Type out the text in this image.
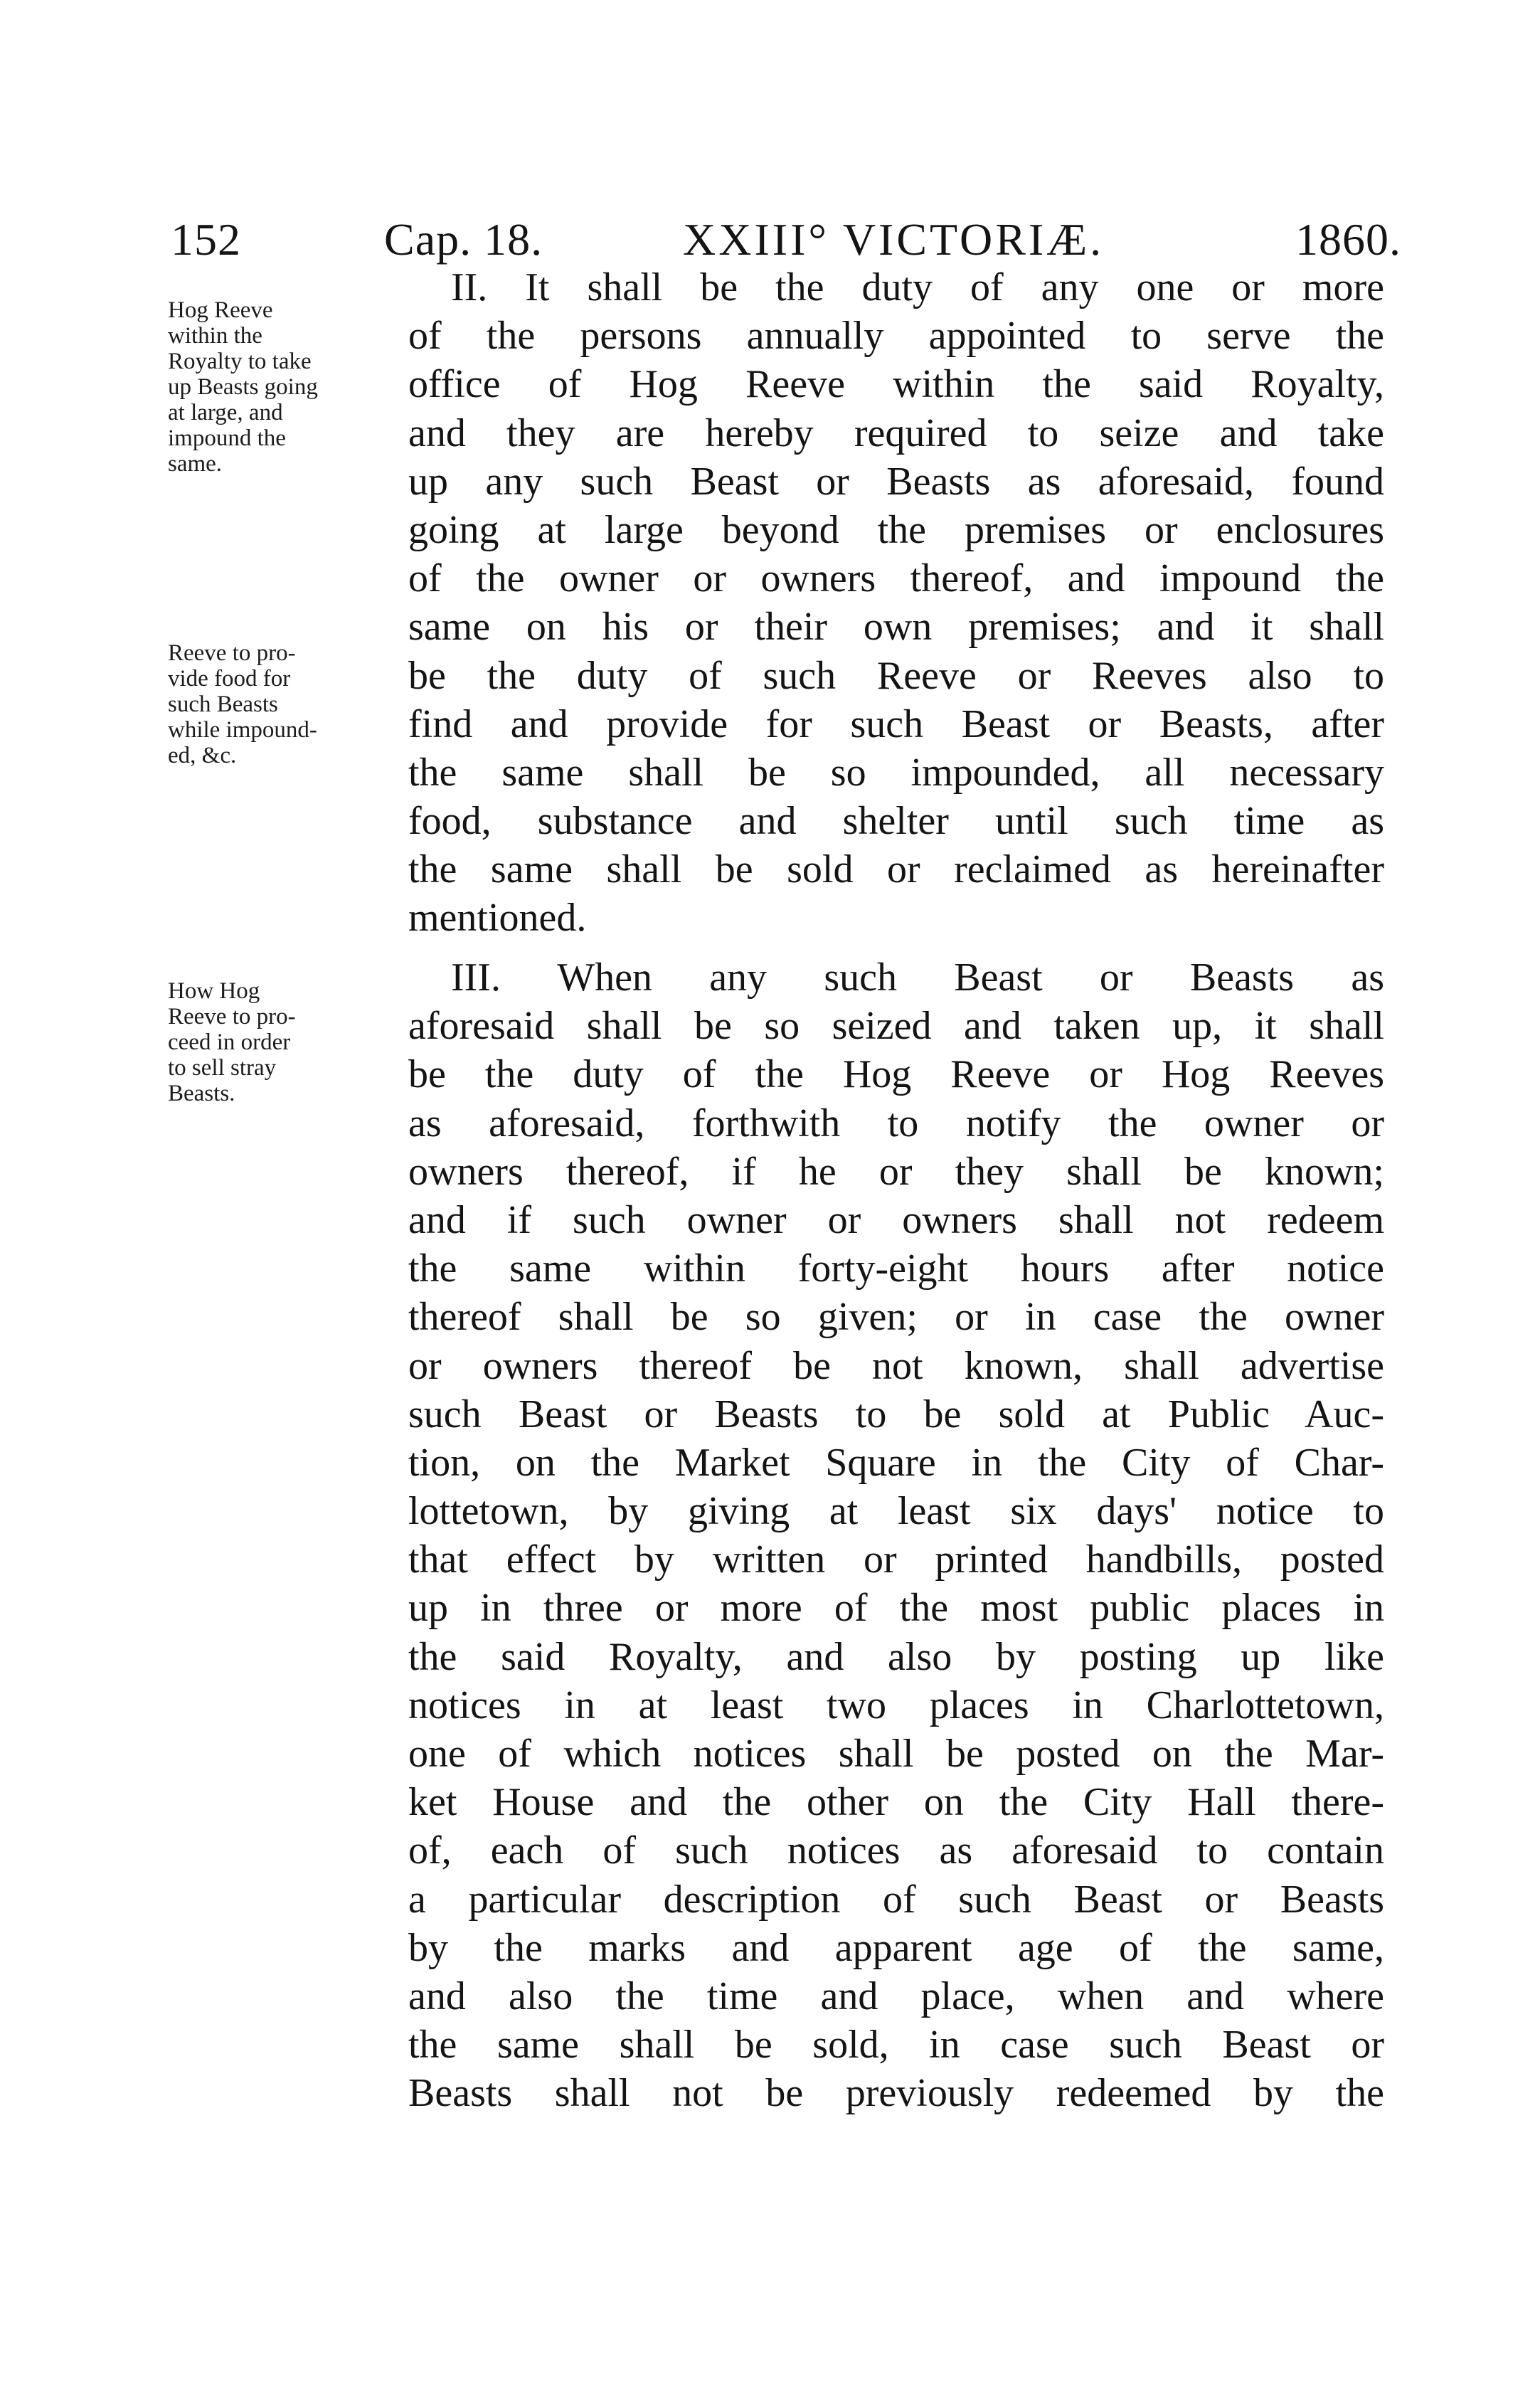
152	Cap. 18.	XXIII° VICTORIÆ.	1860.
Hog Reeve
within the
Royalty to take
up Beasts going
at large, and
impound the
same.
Reeve to pro-
vide food for
such Beasts
while impound-
ed, &c.
How Hog
Reeve to pro-
ceed in order
to sell stray
Beasts.
II. It shall be the duty of any one or more
of the persons annually appointed to serve the
office of Hog Reeve within the said Royalty,
and they are hereby required to seize and take
up any such Beast or Beasts as aforesaid, found
going at large beyond the premises or enclosures
of the owner or owners thereof, and impound the
same on his or their own premises; and it shall
be the duty of such Reeve or Reeves also to
find and provide for such Beast or Beasts, after
the same shall be so impounded, all necessary
food, substance and shelter until such time as
the same shall be sold or reclaimed as hereinafter
mentioned.
III. When any such Beast or Beasts as
aforesaid shall be so seized and taken up, it shall
be the duty of the Hog Reeve or Hog Reeves
as aforesaid, forthwith to notify the owner or
owners thereof, if he or they shall be known;
and if such owner or owners shall not redeem
the same within forty-eight hours after notice
thereof shall be so given; or in case the owner
or owners thereof be not known, shall advertise
such Beast or Beasts to be sold at Public Auc-
tion, on the Market Square in the City of Char-
lottetown, by giving at least six days' notice to
that effect by written or printed handbills, posted
up in three or more of the most public places in
the said Royalty, and also by posting up like
notices in at least two places in Charlottetown,
one of which notices shall be posted on the Mar-
ket House and the other on the City Hall there-
of, each of such notices as aforesaid to contain
a particular description of such Beast or Beasts
by the marks and apparent age of the same,
and also the time and place, when and where
the same shall be sold, in case such Beast or
Beasts shall not be previously redeemed by the
